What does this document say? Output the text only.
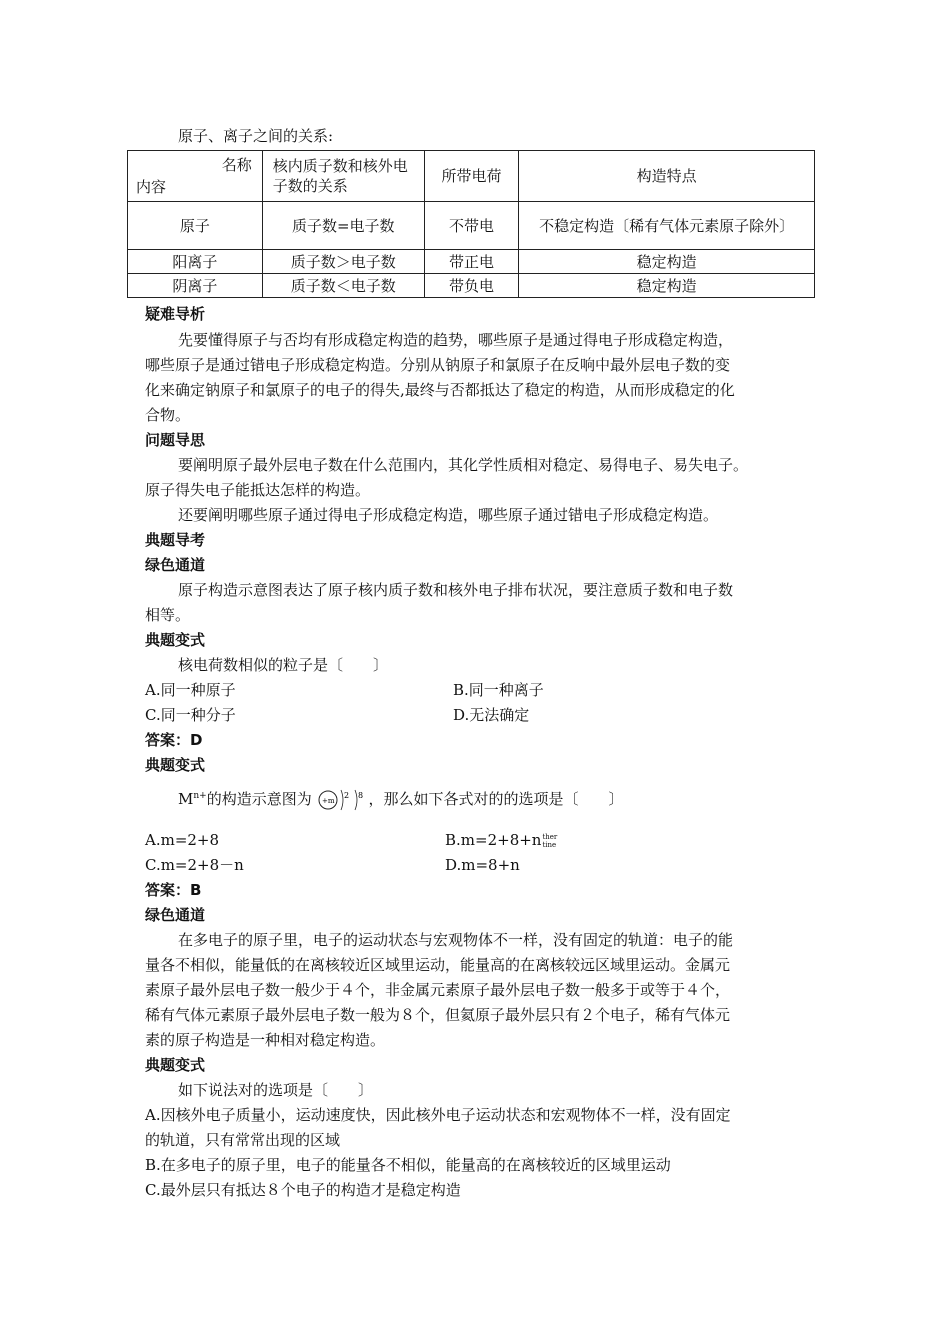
原子、离子之间的关系:
名称
内容	核内质子数和核外电子数的关系	所带电荷	构造特点
原子	质子数=电子数	不带电	不稳定构造〔稀有气体元素原子除外〕
阳离子	质子数＞电子数	带正电	稳定构造
阴离子	质子数＜电子数	带负电	稳定构造
疑难导析
先要懂得原子与否均有形成稳定构造的趋势，哪些原子是通过得电子形成稳定构造，
哪些原子是通过错电子形成稳定构造。分别从钠原子和氯原子在反响中最外层电子数的变
化来确定钠原子和氯原子的电子的得失,最终与否都抵达了稳定的构造，从而形成稳定的化
合物。
问题导思
要阐明原子最外层电子数在什么范围内，其化学性质相对稳定、易得电子、易失电子。
原子得失电子能抵达怎样的构造。
还要阐明哪些原子通过得电子形成稳定构造，哪些原子通过错电子形成稳定构造。
典题导考
绿色通道
原子构造示意图表达了原子核内质子数和核外电子排布状况，要注意质子数和电子数
相等。
典题变式
核电荷数相似的粒子是〔　　〕
A.同一种原子	B.同一种离子
C.同一种分子	D.无法确定
答案：D
典题变式
$M^{n+}$的构造示意图为 +m
2 8 ，那么如下各式对的的选项是〔　　〕
A.m=2+8	B.m=2+8+n ther
tine
C.m=2+8－n	D.m=8+n
答案：B
绿色通道
在多电子的原子里，电子的运动状态与宏观物体不一样，没有固定的轨道：电子的能
量各不相似，能量低的在离核较近区域里运动，能量高的在离核较远区域里运动。金属元
素原子最外层电子数一般少于４个，非金属元素原子最外层电子数一般多于或等于４个，
稀有气体元素原子最外层电子数一般为８个，但氦原子最外层只有２个电子，稀有气体元
素的原子构造是一种相对稳定构造。
典题变式
如下说法对的选项是〔　　〕
A.因核外电子质量小，运动速度快，因此核外电子运动状态和宏观物体不一样，没有固定
的轨道，只有常常出现的区域
B.在多电子的原子里，电子的能量各不相似，能量高的在离核较近的区域里运动
C.最外层只有抵达８个电子的构造才是稳定构造
